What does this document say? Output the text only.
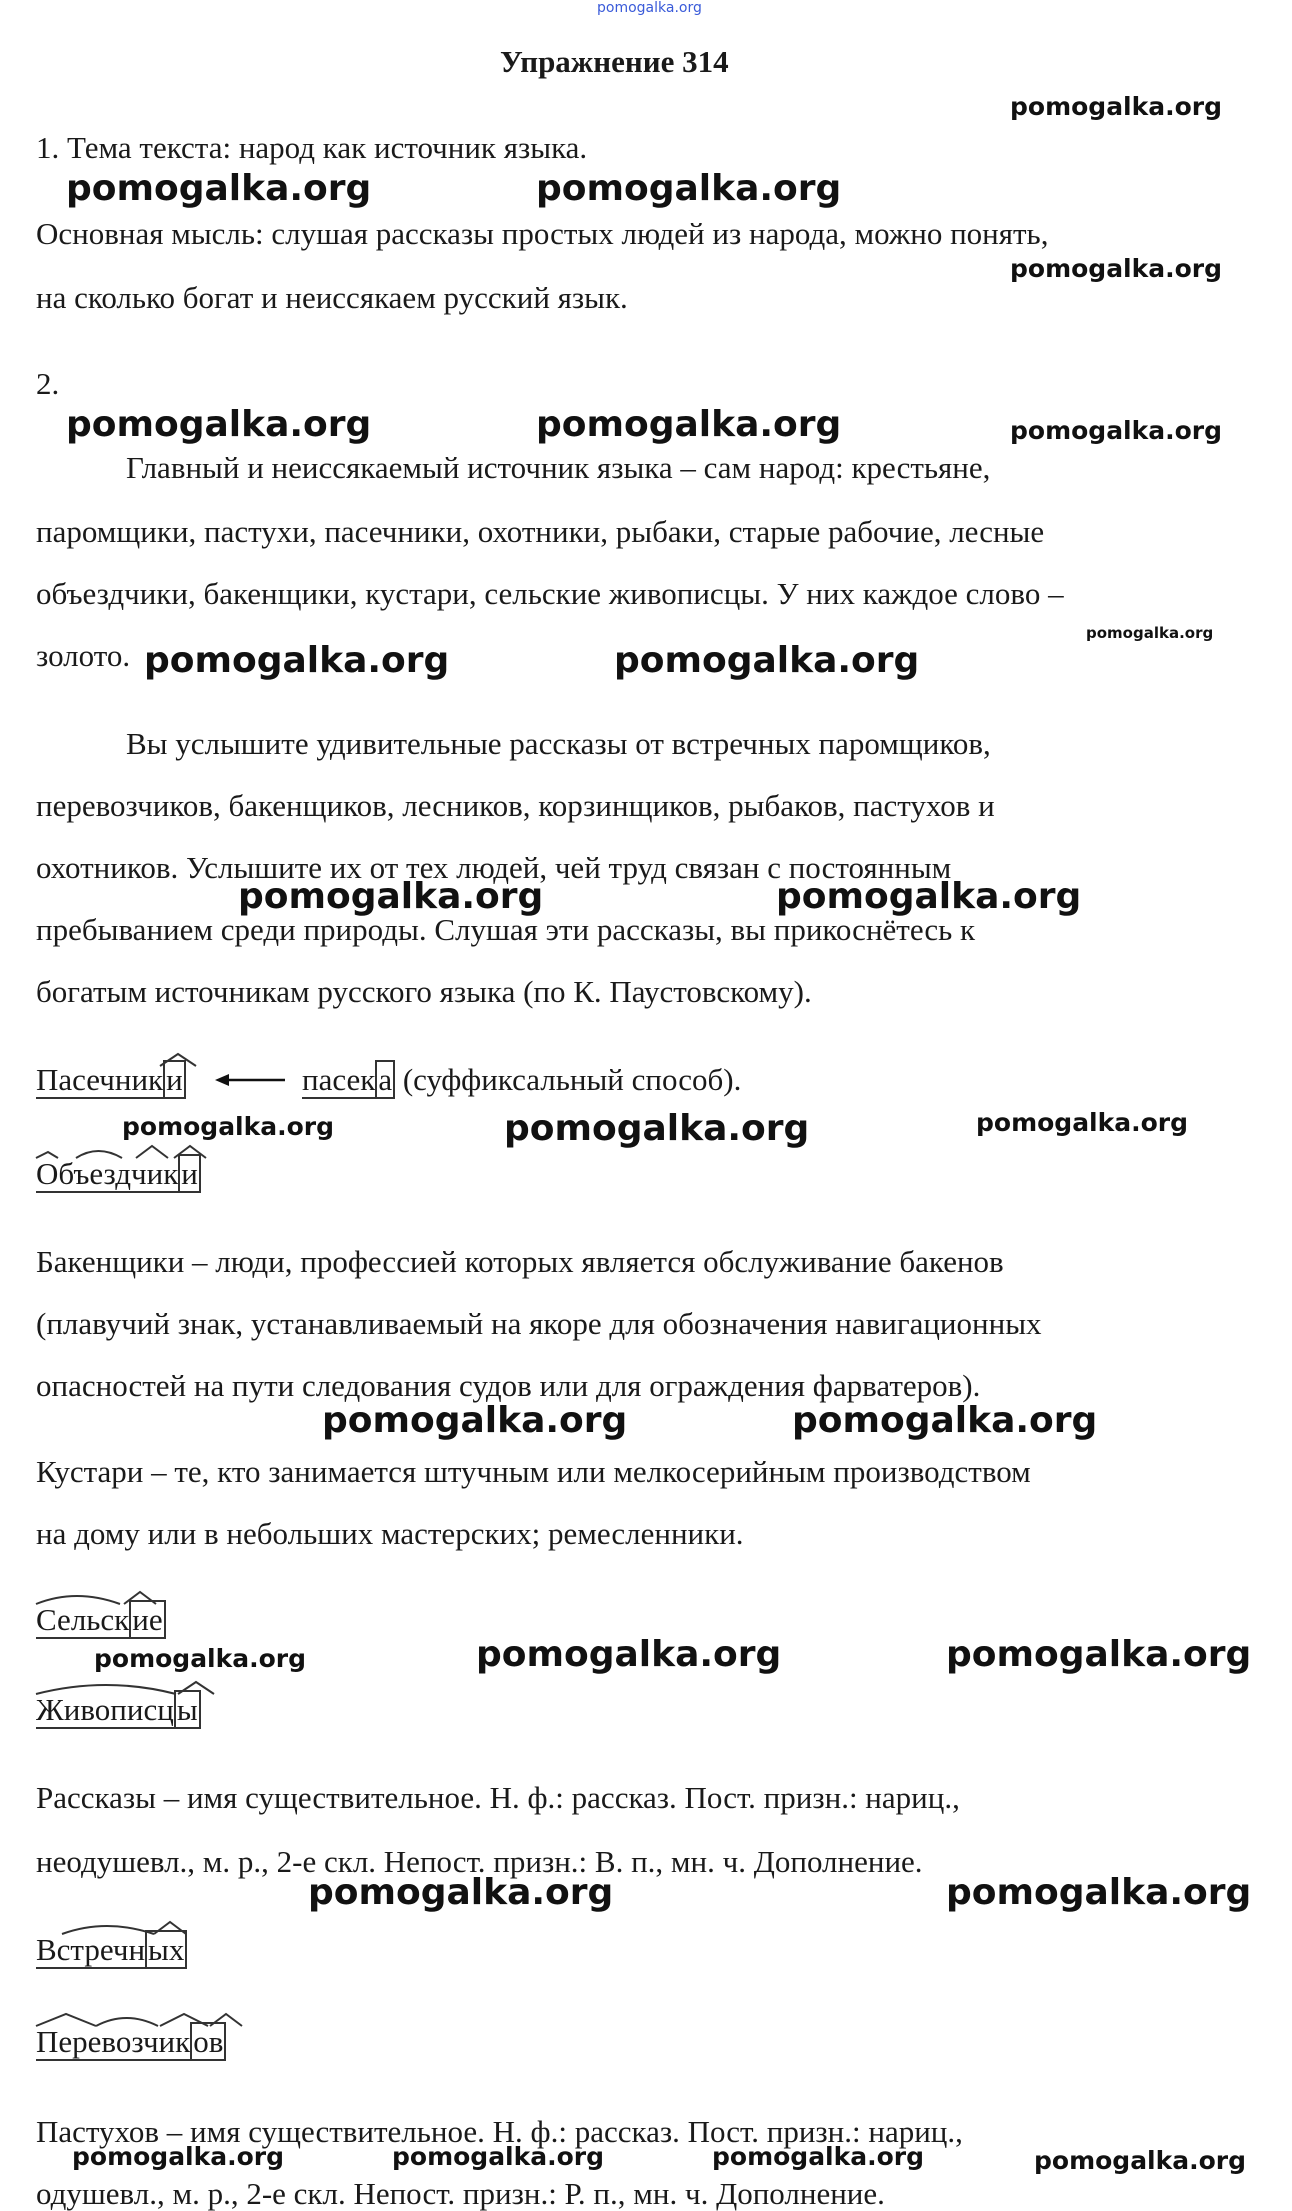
pomogalka.org
Упражнение 314
1. Тема текста: народ как источник языка.
Основная мысль: слушая рассказы простых людей из народа, можно понять,
на сколько богат и неиссякаем русский язык.
2.
Главный и неиссякаемый источник языка – сам народ: крестьяне,
паромщики, пастухи, пасечники, охотники, рыбаки, старые рабочие, лесные
объездчики, бакенщики, кустари, сельские живописцы. У них каждое слово –
золото.
Вы услышите удивительные рассказы от встречных паромщиков,
перевозчиков, бакенщиков, лесников, корзинщиков, рыбаков, пастухов и
охотников. Услышите их от тех людей, чей труд связан с постоянным
пребыванием среди природы. Слушая эти рассказы, вы прикоснётесь к
богатым источникам русского языка (по К. Паустовскому).
Пасечники	пасека (суффиксальный способ).
Объездчики
Бакенщики – люди, профессией которых является обслуживание бакенов
(плавучий знак, устанавливаемый на якоре для обозначения навигационных
опасностей на пути следования судов или для ограждения фарватеров).
Кустари – те, кто занимается штучным или мелкосерийным производством
на дому или в небольших мастерских; ремесленники.
Сельские
Живописцы
Рассказы – имя существительное. Н. ф.: рассказ. Пост. призн.: нариц.,
неодушевл., м. р., 2-е скл. Непост. призн.: В. п., мн. ч. Дополнение.
Встречных
Перевозчиков
Пастухов – имя существительное. Н. ф.: рассказ. Пост. призн.: нариц.,
одушевл., м. р., 2-е скл. Непост. призн.: Р. п., мн. ч. Дополнение.
pomogalka.org
pomogalka.org	pomogalka.org
pomogalka.org
pomogalka.org	pomogalka.org	pomogalka.org
pomogalka.org
pomogalka.org	pomogalka.org
pomogalka.org	pomogalka.org
pomogalka.org	pomogalka.org	pomogalka.org
pomogalka.org	pomogalka.org
pomogalka.org	pomogalka.org	pomogalka.org
pomogalka.org	pomogalka.org
pomogalka.org	pomogalka.org	pomogalka.org	pomogalka.org
